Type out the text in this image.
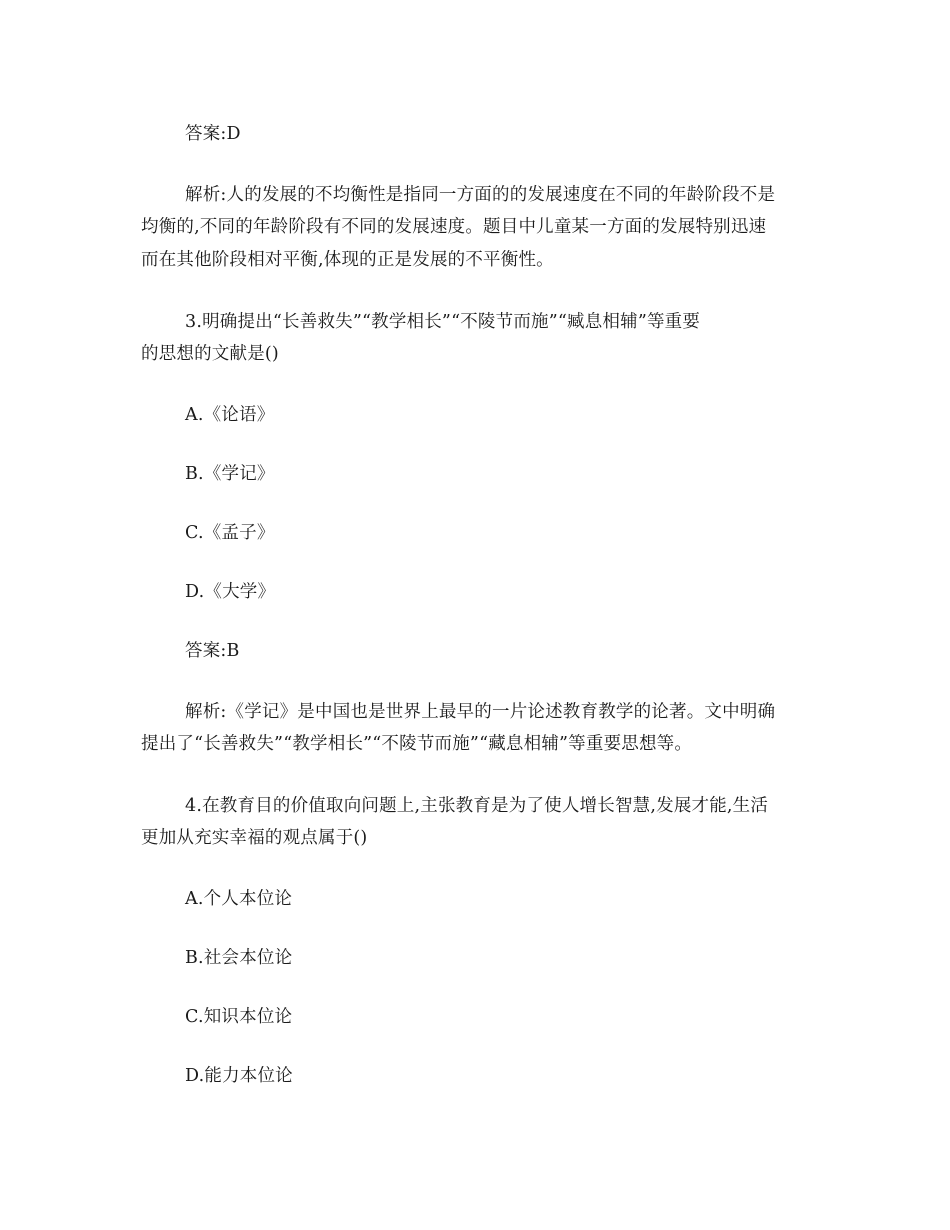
答案:D
解析:人的发展的不均衡性是指同一方面的的发展速度在不同的年龄阶段不是
均衡的,不同的年龄阶段有不同的发展速度。题目中儿童某一方面的发展特别迅速
而在其他阶段相对平衡,体现的正是发展的不平衡性。
3.明确提出“长善救失”“教学相长”“不陵节而施”“臧息相辅”等重要
的思想的文献是()
A.《论语》
B.《学记》
C.《孟子》
D.《大学》
答案:B
解析:《学记》是中国也是世界上最早的一片论述教育教学的论著。文中明确
提出了“长善救失”“教学相长”“不陵节而施”“藏息相辅”等重要思想等。
4.在教育目的价值取向问题上,主张教育是为了使人增长智慧,发展才能,生活
更加从充实幸福的观点属于()
A.个人本位论
B.社会本位论
C.知识本位论
D.能力本位论
